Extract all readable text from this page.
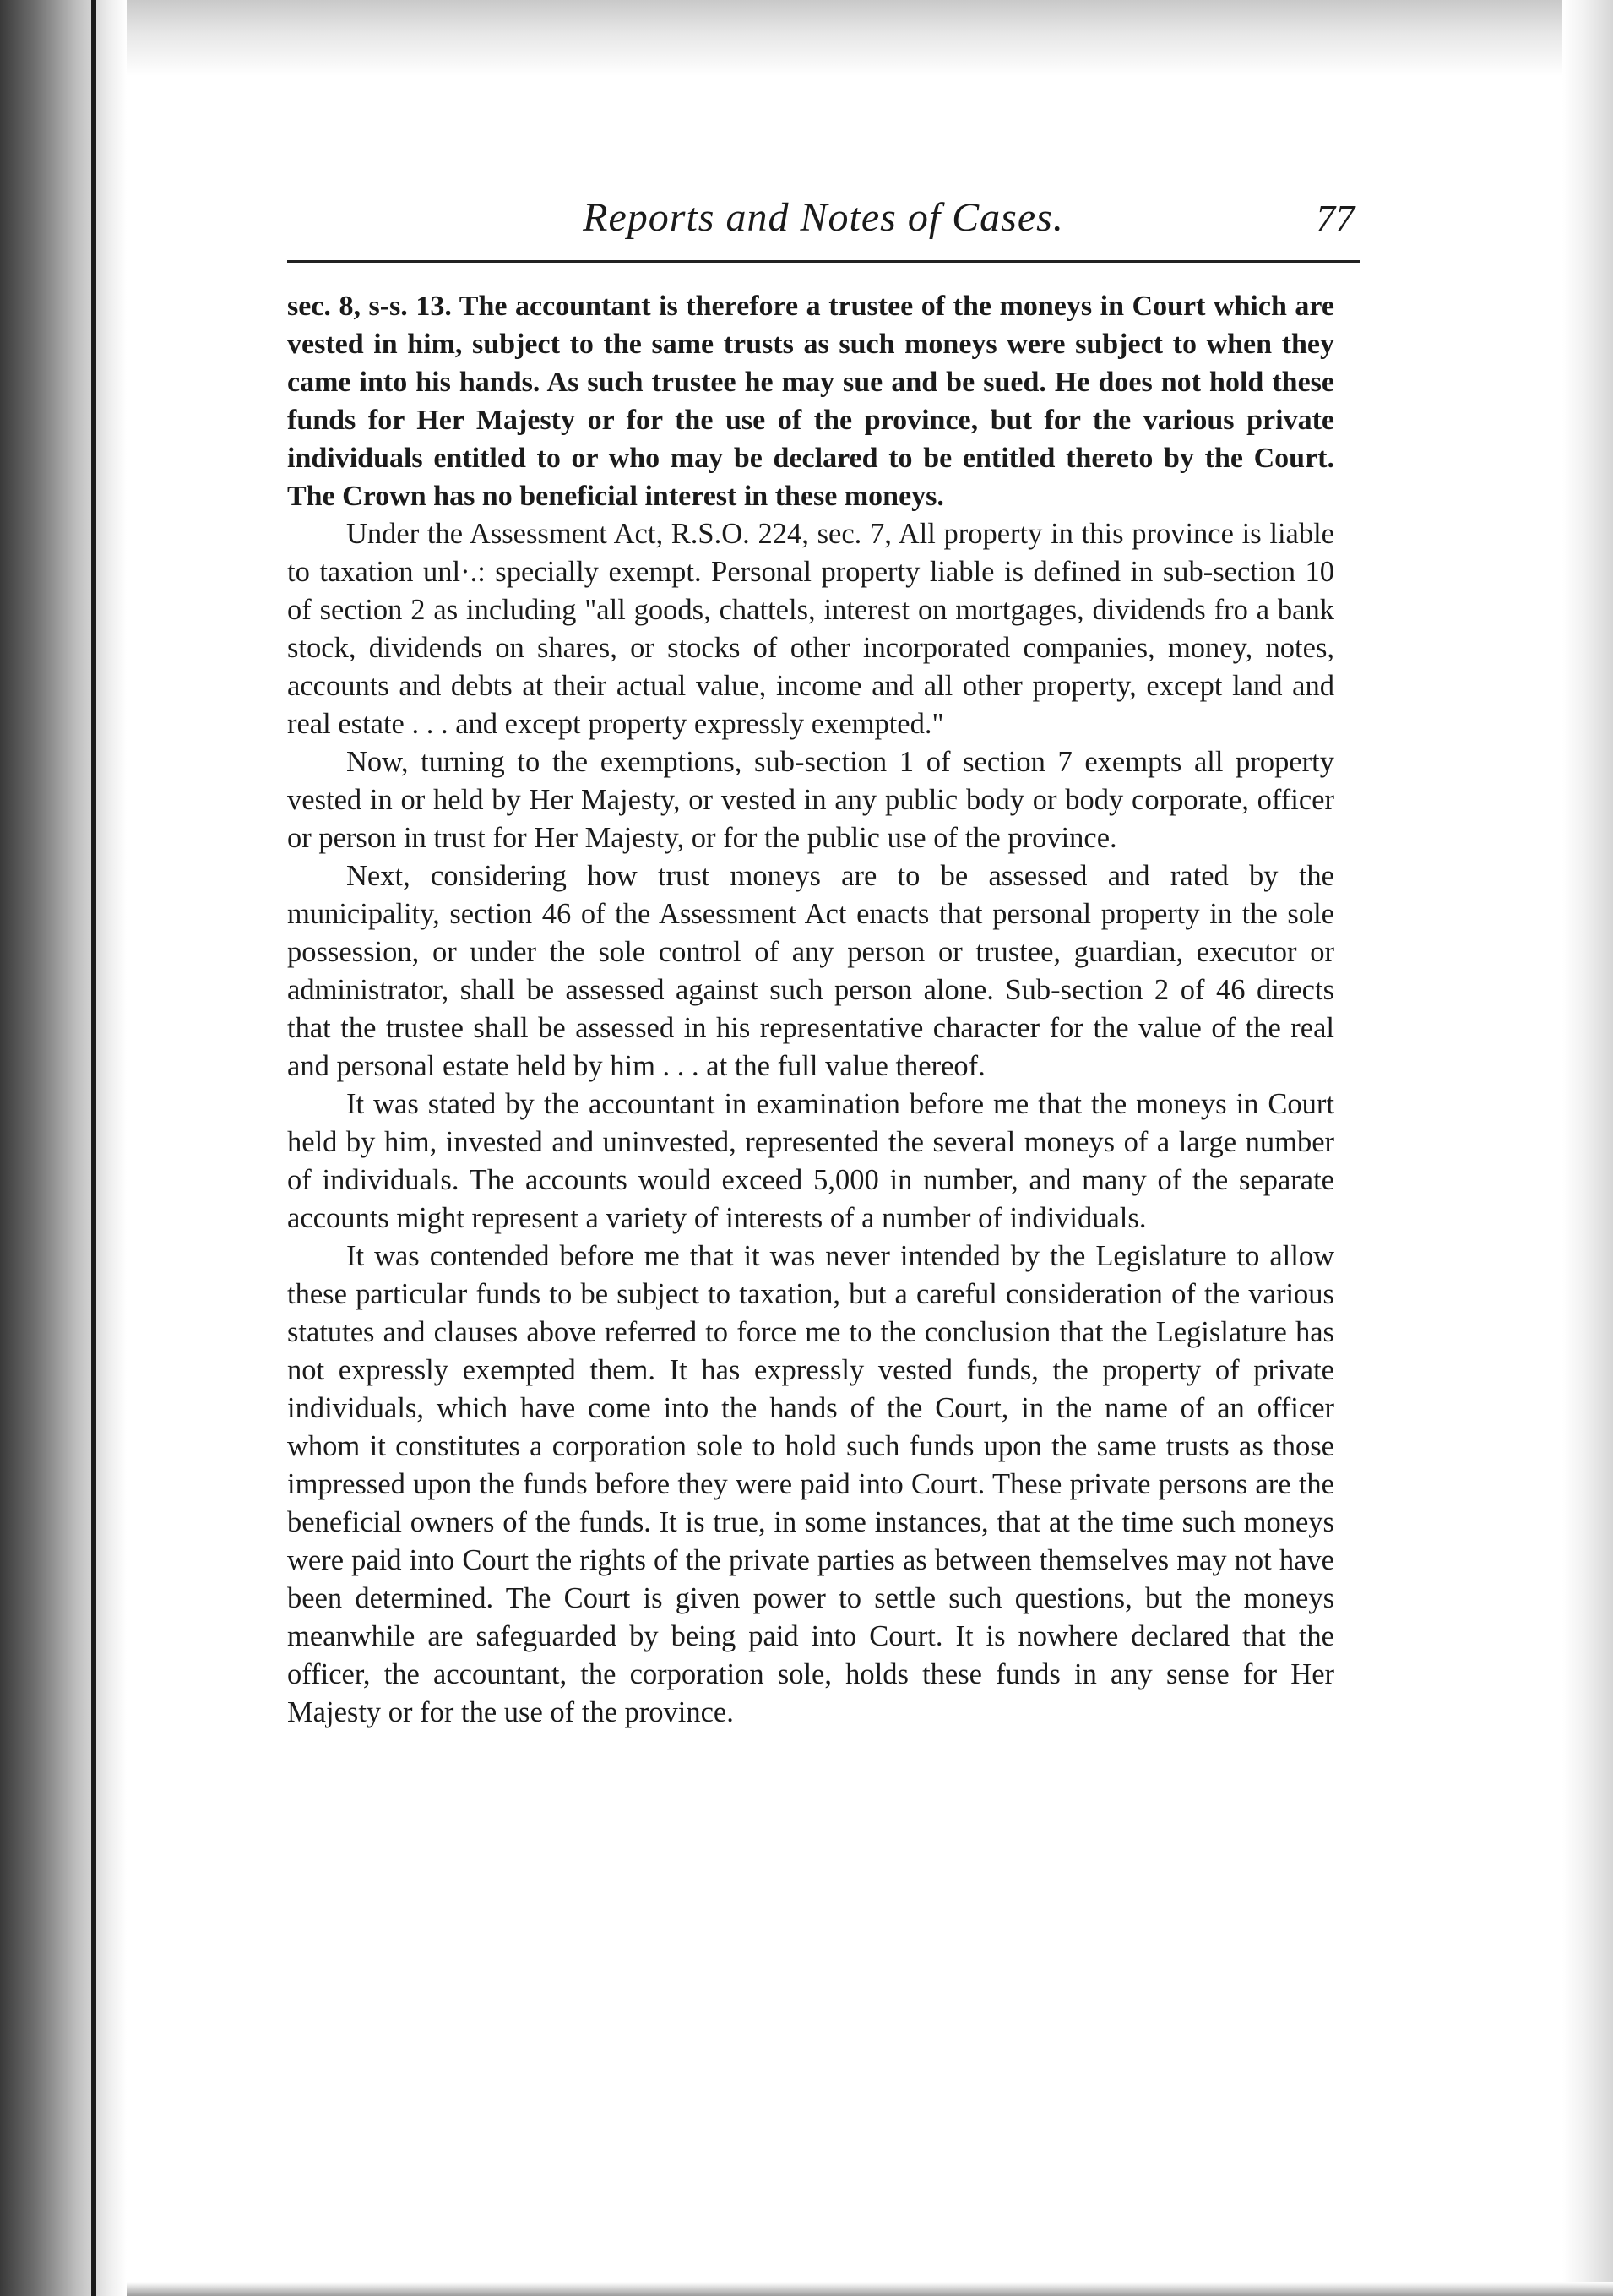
Reports and Notes of Cases.	77

sec. 8, s-s. 13. The accountant is therefore a trustee of the moneys in Court which are vested in him, subject to the same trusts as such moneys were subject to when they came into his hands. As such trustee he may sue and be sued. He does not hold these funds for Her Majesty or for the use of the province, but for the various private individuals entitled to or who may be declared to be entitled thereto by the Court. The Crown has no beneficial interest in these moneys.

Under the Assessment Act, R.S.O. 224, sec. 7, All property in this province is liable to taxation unl·.: specially exempt. Personal property liable is defined in sub-section 10 of section 2 as including "all goods, chattels, interest on mortgages, dividends fro a bank stock, dividends on shares, or stocks of other incorporated companies, money, notes, accounts and debts at their actual value, income and all other property, except land and real estate . . . and except property expressly exempted."

Now, turning to the exemptions, sub-section 1 of section 7 exempts all property vested in or held by Her Majesty, or vested in any public body or body corporate, officer or person in trust for Her Majesty, or for the public use of the province.

Next, considering how trust moneys are to be assessed and rated by the municipality, section 46 of the Assessment Act enacts that personal property in the sole possession, or under the sole control of any person or trustee, guardian, executor or administrator, shall be assessed against such person alone. Sub-section 2 of 46 directs that the trustee shall be assessed in his representative character for the value of the real and personal estate held by him . . . at the full value thereof.

It was stated by the accountant in examination before me that the moneys in Court held by him, invested and uninvested, represented the several moneys of a large number of individuals. The accounts would exceed 5,000 in number, and many of the separate accounts might represent a variety of interests of a number of individuals.

It was contended before me that it was never intended by the Legislature to allow these particular funds to be subject to taxation, but a careful consideration of the various statutes and clauses above referred to force me to the conclusion that the Legislature has not expressly exempted them. It has expressly vested funds, the property of private individuals, which have come into the hands of the Court, in the name of an officer whom it constitutes a corporation sole to hold such funds upon the same trusts as those impressed upon the funds before they were paid into Court. These private persons are the beneficial owners of the funds. It is true, in some instances, that at the time such moneys were paid into Court the rights of the private parties as between themselves may not have been determined. The Court is given power to settle such questions, but the moneys meanwhile are safeguarded by being paid into Court. It is nowhere declared that the officer, the accountant, the corporation sole, holds these funds in any sense for Her Majesty or for the use of the province.
